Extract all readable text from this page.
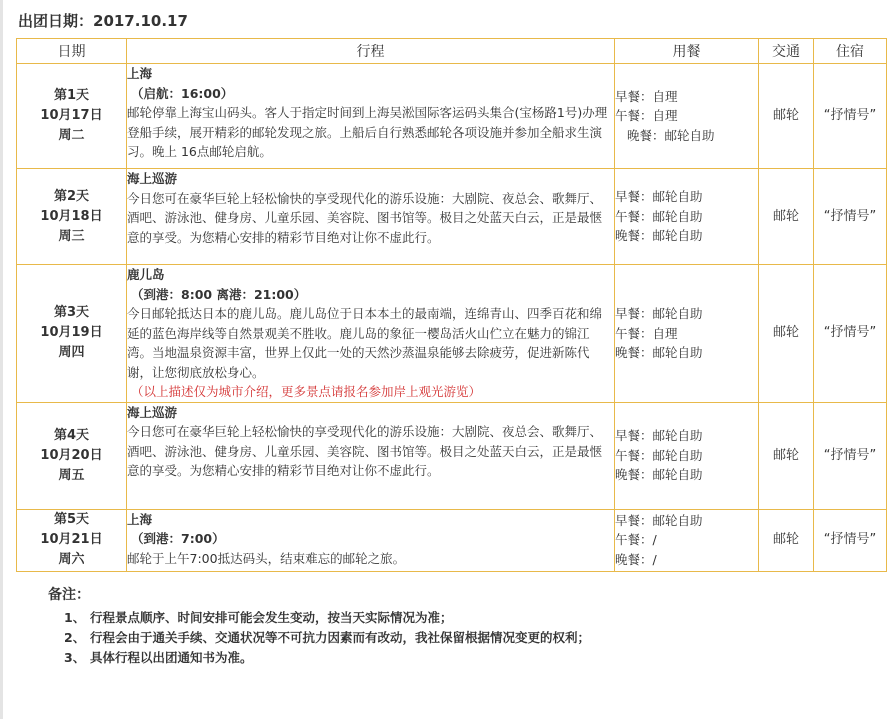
出团日期：2017.10.17
日期	行程	用餐	交通	住宿

第1天
10月17日
周二	上海
（启航：16:00）
邮轮停靠上海宝山码头。客人于指定时间到上海吴淞国际客运码头集合(宝杨路1号)办理登船手续，展开精彩的邮轮发现之旅。上船后自行熟悉邮轮各项设施并参加全船求生演习。晚上 16点邮轮启航。	早餐：自理
午餐：自理
晚餐：邮轮自助	邮轮	“抒情号”

第2天
10月18日
周三	海上巡游
今日您可在豪华巨轮上轻松愉快的享受现代化的游乐设施：大剧院、夜总会、歌舞厅、酒吧、游泳池、健身房、儿童乐园、美容院、图书馆等。极目之处蓝天白云，正是最惬意的享受。为您精心安排的精彩节目绝对让你不虚此行。	早餐：邮轮自助
午餐：邮轮自助
晚餐：邮轮自助	邮轮	“抒情号”

第3天
10月19日
周四	鹿儿岛
（到港：8:00 离港：21:00）
今日邮轮抵达日本的鹿儿岛。鹿儿岛位于日本本土的最南端，连绵青山、四季百花和绵延的蓝色海岸线等自然景观美不胜收。鹿儿岛的象征一樱岛活火山伫立在魅力的锦江湾。当地温泉资源丰富，世界上仅此一处的天然沙蒸温泉能够去除疲劳，促进新陈代谢，让您彻底放松身心。
（以上描述仅为城市介绍，更多景点请报名参加岸上观光游览）	早餐：邮轮自助
午餐：自理
晚餐：邮轮自助	邮轮	“抒情号”

第4天
10月20日
周五	海上巡游
今日您可在豪华巨轮上轻松愉快的享受现代化的游乐设施：大剧院、夜总会、歌舞厅、酒吧、游泳池、健身房、儿童乐园、美容院、图书馆等。极目之处蓝天白云，正是最惬意的享受。为您精心安排的精彩节目绝对让你不虚此行。	早餐：邮轮自助
午餐：邮轮自助
晚餐：邮轮自助	邮轮	“抒情号”

第5天
10月21日
周六	上海
（到港：7:00）
邮轮于上午7:00抵达码头，结束难忘的邮轮之旅。	早餐：邮轮自助
午餐：/
晚餐：/	邮轮	“抒情号”
备注：
1、 行程景点顺序、时间安排可能会发生变动，按当天实际情况为准；
2、 行程会由于通关手续、交通状况等不可抗力因素而有改动，我社保留根据情况变更的权利；
3、 具体行程以出团通知书为准。
